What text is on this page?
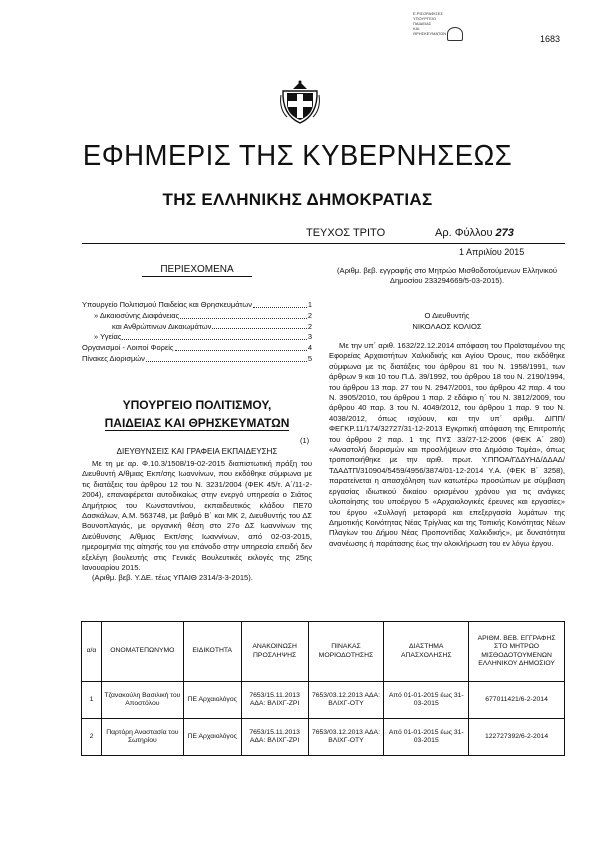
Ε.ΡΙΣΟΡΑΦΙΣΕΣ
ΥΠΟΥΡΓΕΙΟ
ΠΑΙΔΕΙΑΣ
ΚΑΙ
ΘΡΗΣΚΕΥΜΑΤΩΝ
1683
ΕΦΗΜΕΡΙΣ ΤΗΣ ΚΥΒΕΡΝΗΣΕΩΣ
ΤΗΣ ΕΛΛΗΝΙΚΗΣ ΔΗΜΟΚΡΑΤΙΑΣ
ΤΕΥΧΟΣ ΤΡΙΤΟ	Αρ. Φύλλου 273
1 Απριλίου 2015
ΠΕΡΙΕΧΟΜΕΝΑ
Υπουργείο Πολιτισμού Παιδείας και Θρησκευμάτων	1
» Δικαιοσύνης Διαφάνειας	2
και Ανθρώπινων Δικαιωμάτων	2
» Υγείας	3
Οργανισμοί - Λοιποί Φορείς	4
Πίνακες Διορισμών	5
ΥΠΟΥΡΓΕΙΟ ΠΟΛΙΤΙΣΜΟΥ,
ΠΑΙΔΕΙΑΣ ΚΑΙ ΘΡΗΣΚΕΥΜΑΤΩΝ
(1)
ΔΙΕΥΘΥΝΣΕΙΣ ΚΑΙ ΓΡΑΦΕΙΑ ΕΚΠΑΙΔΕΥΣΗΣ

Με τη με αρ. Φ.10.3/1508/19-02-2015 διαπιστωτική πράξη του Διευθυντή Α/θμιας Εκπ/σης Ιωαννίνων, που εκδόθηκε σύμφωνα με τις διατάξεις του άρθρου 12 του Ν. 3231/2004 (ΦΕΚ 45/τ. Α΄/11-2-2004), επαναφέρεται αυτοδικαίως στην ενεργό υπηρεσία ο Σιάτος Δημήτριος του Κωνσταντίνου, εκπαιδευτικός κλάδου ΠΕ70 Δασκάλων, Α.Μ. 563748, με βαθμό Β΄ και ΜΚ 2, Διευθυντής του ΔΣ Βουνοπλαγιάς, με οργανική θέση στο 27ο ΔΣ Ιωαννίνων της Διεύθυνσης Α/θμιας Εκπ/σης Ιωαννίνων, από 02-03-2015, ημερομηνία της αίτησής του για επάνοδο στην υπηρεσία επειδή δεν εξελέγη βουλευτής στις Γενικές Βουλευτικές εκλογές της 25ης Ιανουαρίου 2015.

(Αριθμ. βεβ. Υ.ΔΕ. τέως ΥΠΑΙΘ 2314/3-3-2015).

(Αριθμ. βεβ. εγγραφής στο Μητρώο Μισθοδοτούμενων Ελληνικού Δημοσίου 233294669/5-03-2015).
Ο Διευθυντής
ΝΙΚΟΛΑΟΣ ΚΟΛΙΟΣ

Με την υπ΄ αριθ. 1632/22.12.2014 απόφαση του Προϊσταμένου της Εφορείας Αρχαιοτήτων Χαλκιδικής και Αγίου Όρους, που εκδόθηκε σύμφωνα με τις διατάξεις του άρθρου 81 του Ν. 1958/1991, των άρθρων 9 και 10 του Π.Δ. 39/1992, του άρθρου 18 του Ν. 2190/1994, του άρθρου 13 παρ. 27 του Ν. 2947/2001, του άρθρου 42 παρ. 4 του Ν. 3905/2010, του άρθρου 1 παρ. 2 εδάφιο η΄ του Ν. 3812/2009, του άρθρου 40 παρ. 3 του Ν. 4049/2012, του άρθρου 1 παρ. 9 του Ν. 4038/2012, όπως ισχύουν, και την υπ΄ αριθμ. ΔΙΠΠ/ΦΕΓΚΡ.11/174/32727/31-12-2013 Εγκριτική απόφαση της Επιτροπής του άρθρου 2 παρ. 1 της ΠΥΣ 33/27-12-2006 (ΦΕΚ Α΄ 280) «Αναστολή διορισμών και προσλήψεων στο Δημόσιο Τομέα», όπως τροποποιήθηκε με την αριθ. πρωτ. Υ.ΠΠΟΑ/ΓΔΔΥΗΔ/ΔΔΑΔ/ΤΔΑΔΤΠ/310904/5459/4956/3874/01-12-2014 Υ.Α. (ΦΕΚ Β΄ 3258), παρατείνεται η απασχόληση των κατωτέρω προσώπων με σύμβαση εργασίας ιδιωτικού δικαίου ορισμένου χρόνου για τις ανάγκες υλοποίησης του υποέργου 5 «Αρχαιολογικές έρευνες και εργασίες» του έργου «Συλλογή μεταφορά και επεξεργασία λυμάτων της Δημοτικής Κοινότητας Νέας Τρίγλιας και της Τοπικής Κοινότητας Νέων Πλαγίων του Δήμου Νέας Προποντίδας Χαλκιδικής», με δυνατότητα ανανέωσης ή παράτασης έως την ολοκλήρωση του εν λόγω έργου.

α/α	ΟΝΟΜΑΤΕΠΩΝΥΜΟ	ΕΙΔΙΚΟΤΗΤΑ	ΑΝΑΚΟΙΝΩΣΗ ΠΡΟΣΛΗΨΗΣ	ΠΙΝΑΚΑΣ ΜΟΡΙΟΔΟΤΗΣΗΣ	ΔΙΑΣΤΗΜΑ ΑΠΑΣΧΟΛΗΣΗΣ	ΑΡΙΘΜ. ΒΕΒ. ΕΓΓΡΑΦΗΣ ΣΤΟ ΜΗΤΡΩΟ ΜΙΣΘΟΔΟΤΟΥΜΕΝΩΝ ΕΛΛΗΝΙΚΟΥ ΔΗΜΟΣΙΟΥ
1	Τζανακούλη Βασιλική του Αποστόλου	ΠΕ Αρχαιολόγος	7653/15.11.2013 ΑΔΑ: ΒΛΙΧΓ-ΖΡΙ	7653/03.12.2013 ΑΔΑ: ΒΛΙΧΓ-ΟΤΥ	Από 01-01-2015 έως 31-03-2015	677011421/6-2-2014
2	Παρτόρη Αναστασία του Σωτηρίου	ΠΕ Αρχαιολόγος	7653/15.11.2013 ΑΔΑ: ΒΛΙΧΓ-ΖΡΙ	7653/03.12.2013 ΑΔΑ: ΒΛΙΧΓ-ΟΤΥ	Από 01-01-2015 έως 31-03-2015	122727392/6-2-2014
